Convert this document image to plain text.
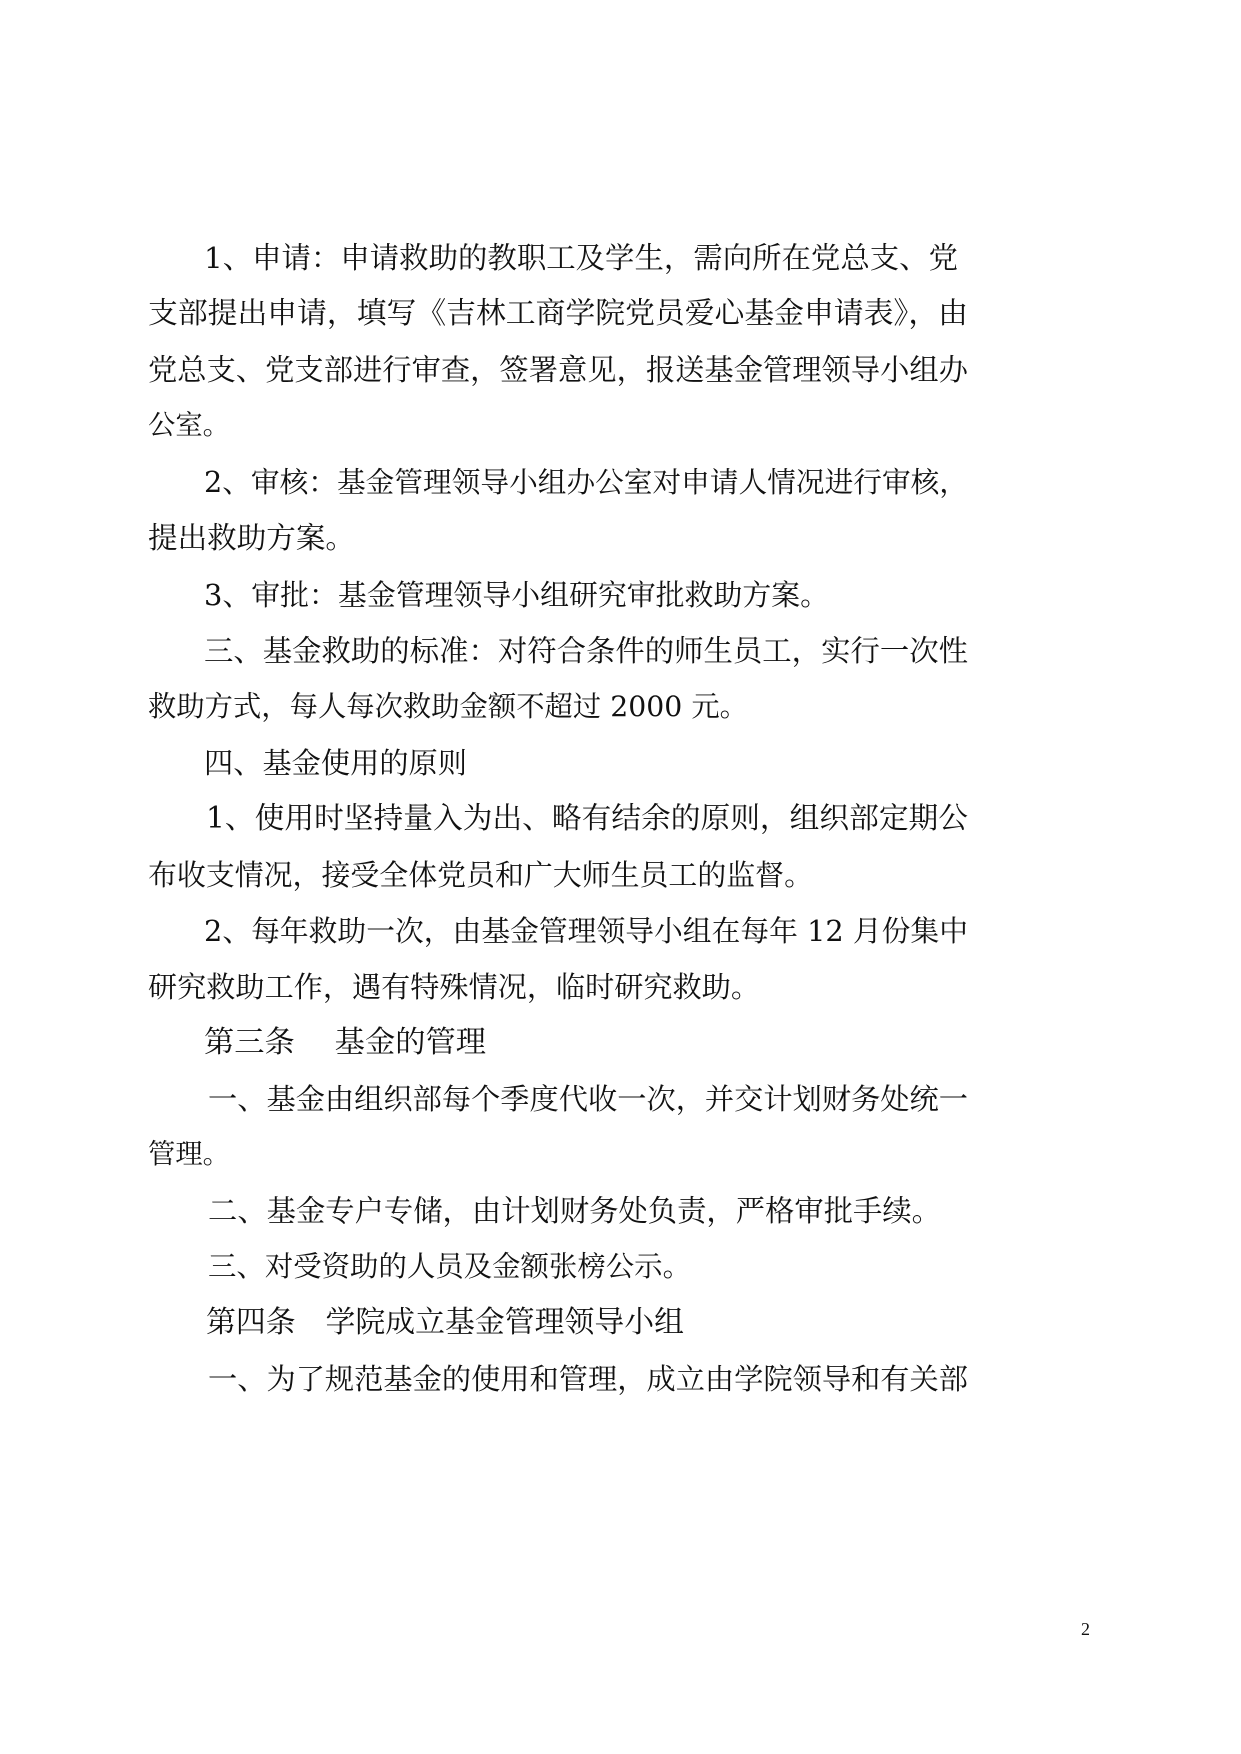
1、申请：申请救助的教职工及学生，需向所在党总支、党
支部提出申请，填写《吉林工商学院党员爱心基金申请表》，由
党总支、党支部进行审查，签署意见，报送基金管理领导小组办
公室。
2、审核：基金管理领导小组办公室对申请人情况进行审核，
提出救助方案。
3、审批：基金管理领导小组研究审批救助方案。
三、基金救助的标准：对符合条件的师生员工，实行一次性
救助方式，每人每次救助金额不超过 2000 元。
四、基金使用的原则
1、使用时坚持量入为出、略有结余的原则，组织部定期公
布收支情况，接受全体党员和广大师生员工的监督。
2、每年救助一次，由基金管理领导小组在每年 12 月份集中
研究救助工作，遇有特殊情况，临时研究救助。
第三条　 基金的管理
一、基金由组织部每个季度代收一次，并交计划财务处统一
管理。
二、基金专户专储，由计划财务处负责，严格审批手续。
三、对受资助的人员及金额张榜公示。
第四条　学院成立基金管理领导小组
一、为了规范基金的使用和管理，成立由学院领导和有关部
2
